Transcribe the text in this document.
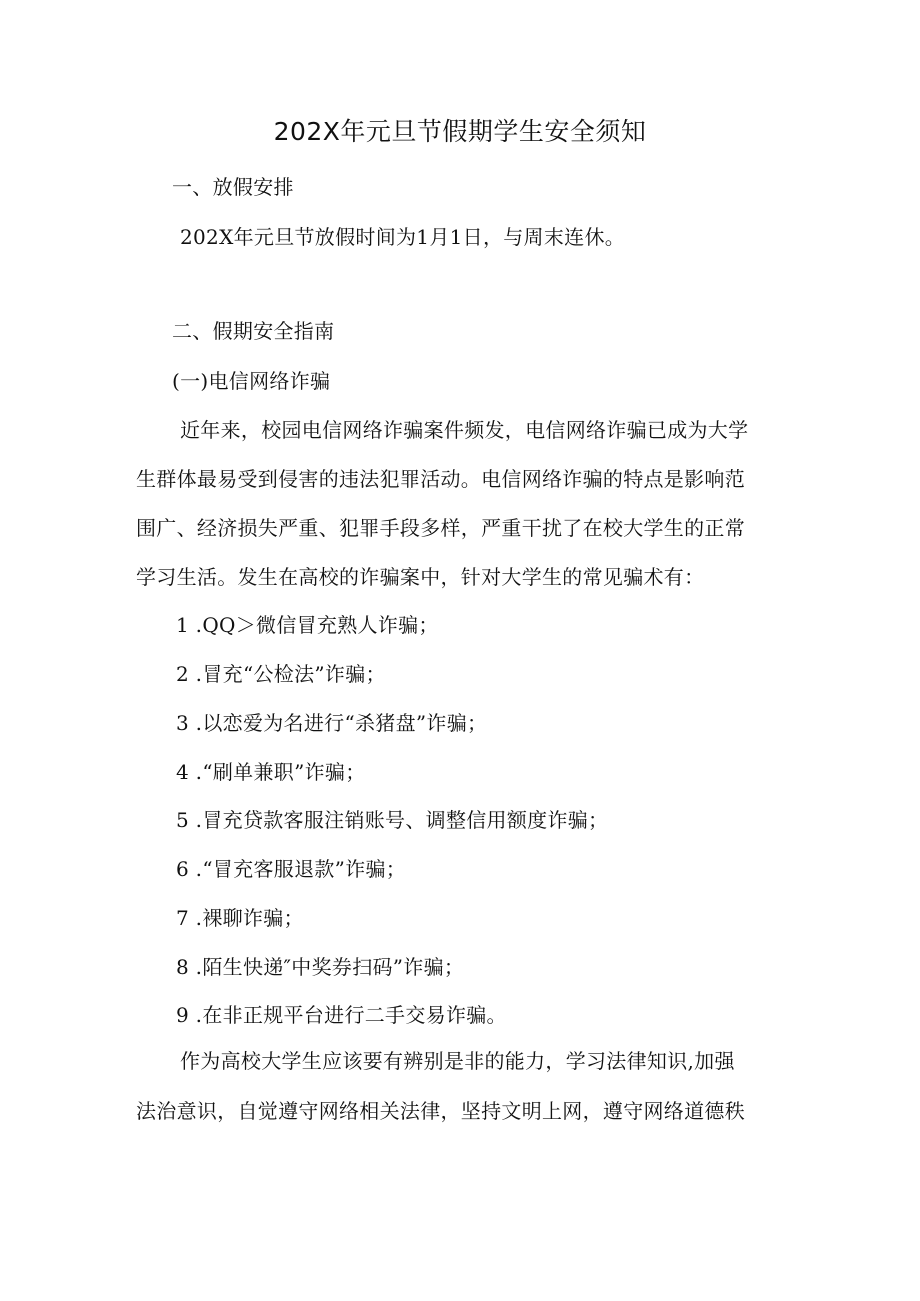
202X年元旦节假期学生安全须知
一、放假安排
202X年元旦节放假时间为1月1日，与周末连休。
二、假期安全指南
(一)电信网络诈骗
近年来，校园电信网络诈骗案件频发，电信网络诈骗已成为大学
生群体最易受到侵害的违法犯罪活动。电信网络诈骗的特点是影响范
围广、经济损失严重、犯罪手段多样，严重干扰了在校大学生的正常
学习生活。发生在高校的诈骗案中，针对大学生的常见骗术有：
1 .QQ＞微信冒充熟人诈骗；
2 .冒充“公检法”诈骗；
3 .以恋爱为名进行“杀猪盘”诈骗；
4 .“刷单兼职”诈骗；
5 .冒充贷款客服注销账号、调整信用额度诈骗；
6 .“冒充客服退款”诈骗；
7 .裸聊诈骗；
8 .陌生快递″中奖券扫码”诈骗；
9 .在非正规平台进行二手交易诈骗。
作为高校大学生应该要有辨别是非的能力，学习法律知识,加强
法治意识，自觉遵守网络相关法律，坚持文明上网，遵守网络道德秩
